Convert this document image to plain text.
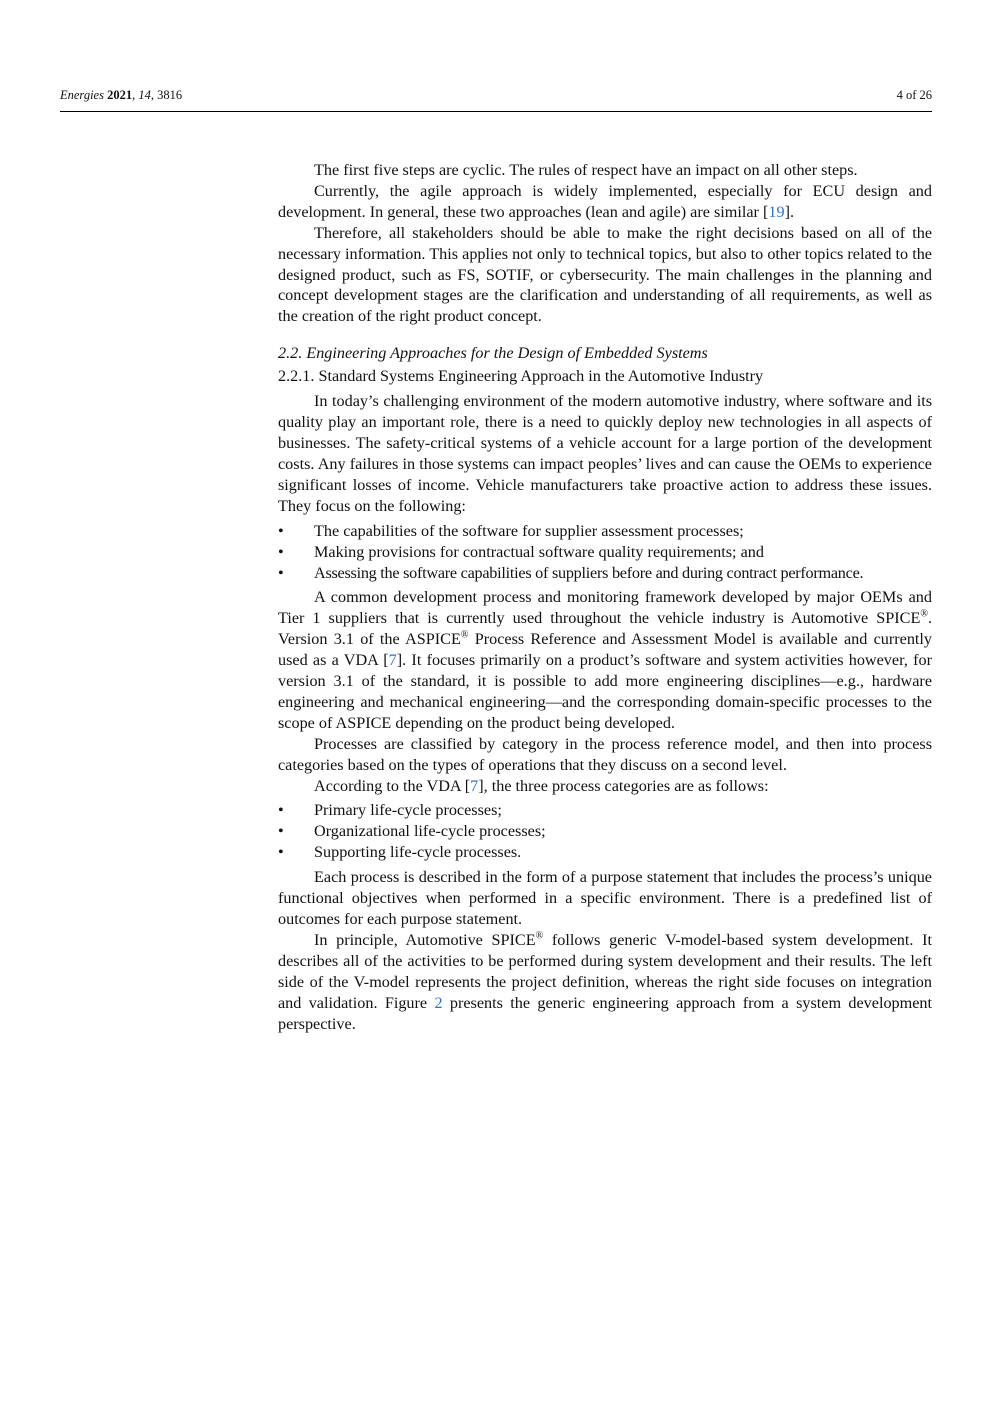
Energies 2021, 14, 3816	4 of 26

The first five steps are cyclic. The rules of respect have an impact on all other steps.

Currently, the agile approach is widely implemented, especially for ECU design and development. In general, these two approaches (lean and agile) are similar [19].

Therefore, all stakeholders should be able to make the right decisions based on all of the necessary information. This applies not only to technical topics, but also to other topics related to the designed product, such as FS, SOTIF, or cybersecurity. The main challenges in the planning and concept development stages are the clarification and understanding of all requirements, as well as the creation of the right product concept.

2.2. Engineering Approaches for the Design of Embedded Systems
2.2.1. Standard Systems Engineering Approach in the Automotive Industry

In today’s challenging environment of the modern automotive industry, where software and its quality play an important role, there is a need to quickly deploy new technologies in all aspects of businesses. The safety-critical systems of a vehicle account for a large portion of the development costs. Any failures in those systems can impact peoples’ lives and can cause the OEMs to experience significant losses of income. Vehicle manufacturers take proactive action to address these issues. They focus on the following:

• The capabilities of the software for supplier assessment processes;
• Making provisions for contractual software quality requirements; and
• Assessing the software capabilities of suppliers before and during contract performance.

A common development process and monitoring framework developed by major OEMs and Tier 1 suppliers that is currently used throughout the vehicle industry is Automotive SPICE®. Version 3.1 of the ASPICE® Process Reference and Assessment Model is available and currently used as a VDA [7]. It focuses primarily on a product’s software and system activities however, for version 3.1 of the standard, it is possible to add more engineering disciplines—e.g., hardware engineering and mechanical engineering—and the corresponding domain-specific processes to the scope of ASPICE depending on the product being developed.

Processes are classified by category in the process reference model, and then into process categories based on the types of operations that they discuss on a second level.

According to the VDA [7], the three process categories are as follows:

• Primary life-cycle processes;
• Organizational life-cycle processes;
• Supporting life-cycle processes.

Each process is described in the form of a purpose statement that includes the process’s unique functional objectives when performed in a specific environment. There is a predefined list of outcomes for each purpose statement.

In principle, Automotive SPICE® follows generic V-model-based system development. It describes all of the activities to be performed during system development and their results. The left side of the V-model represents the project definition, whereas the right side focuses on integration and validation. Figure 2 presents the generic engineering approach from a system development perspective.
